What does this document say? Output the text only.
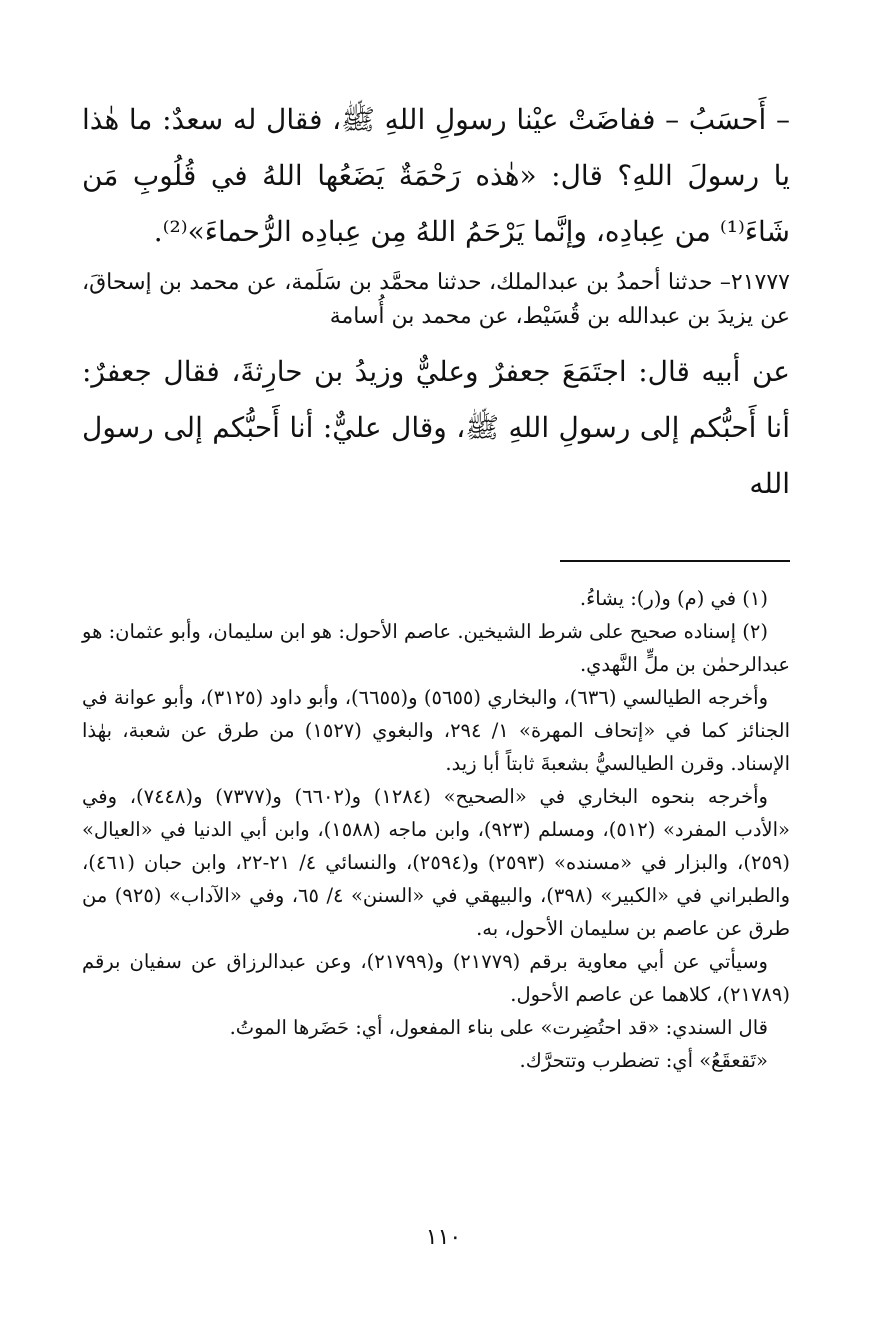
– أَحسَبُ – ففاضَتْ عيْنا رسولِ اللهِ ﷺ، فقال له سعدٌ: ما هٰذا يا رسولَ اللهِ؟ قال: «هٰذه رَحْمَةٌ يَضَعُها اللهُ في قُلُوبِ مَن شَاءَ⁽¹⁾ من عِبادِه، وإنَّما يَرْحَمُ اللهُ مِن عِبادِه الرُّحماءَ»⁽²⁾.

٢١٧٧٧– حدثنا أحمدُ بن عبدالملك، حدثنا محمَّد بن سَلَمة، عن محمد بن إسحاقَ، عن يزيدَ بن عبدالله بن قُسَيْط، عن محمد بن أُسامة

عن أبيه قال: اجتَمَعَ جعفرٌ وعليٌّ وزيدُ بن حارِثةَ، فقال جعفرٌ: أنا أَحبُّكم إلى رسولِ اللهِ ﷺ، وقال عليٌّ: أنا أَحبُّكم إلى رسول الله

(١) في (م) و(ر): يشاءُ.

(٢) إسناده صحيح على شرط الشيخين. عاصم الأحول: هو ابن سليمان، وأبو عثمان: هو عبدالرحمٰن بن ملٍّ النَّهدي.

وأخرجه الطيالسي (٦٣٦)، والبخاري (٥٦٥٥) و(٦٦٥٥)، وأبو داود (٣١٢٥)، وأبو عوانة في الجنائز كما في «إتحاف المهرة» ١/ ٢٩٤، والبغوي (١٥٢٧) من طرق عن شعبة، بهٰذا الإسناد. وقرن الطيالسيُّ بشعبةَ ثابتاً أبا زيد.

وأخرجه بنحوه البخاري في «الصحيح» (١٢٨٤) و(٦٦٠٢) و(٧٣٧٧) و(٧٤٤٨)، وفي «الأدب المفرد» (٥١٢)، ومسلم (٩٢٣)، وابن ماجه (١٥٨٨)، وابن أبي الدنيا في «العيال» (٢٥٩)، والبزار في «مسنده» (٢٥٩٣) و(٢٥٩٤)، والنسائي ٤/ ٢١-٢٢، وابن حبان (٤٦١)، والطبراني في «الكبير» (٣٩٨)، والبيهقي في «السنن» ٤/ ٦٥، وفي «الآداب» (٩٢٥) من طرق عن عاصم بن سليمان الأحول، به.

وسيأتي عن أبي معاوية برقم (٢١٧٧٩) و(٢١٧٩٩)، وعن عبدالرزاق عن سفيان برقم (٢١٧٨٩)، كلاهما عن عاصم الأحول.

قال السندي: «قد احتُضِرت» على بناء المفعول، أي: حَضَرها الموتُ.

«تَقعقَعُ» أي: تضطرب وتتحرَّك.

١١٠
